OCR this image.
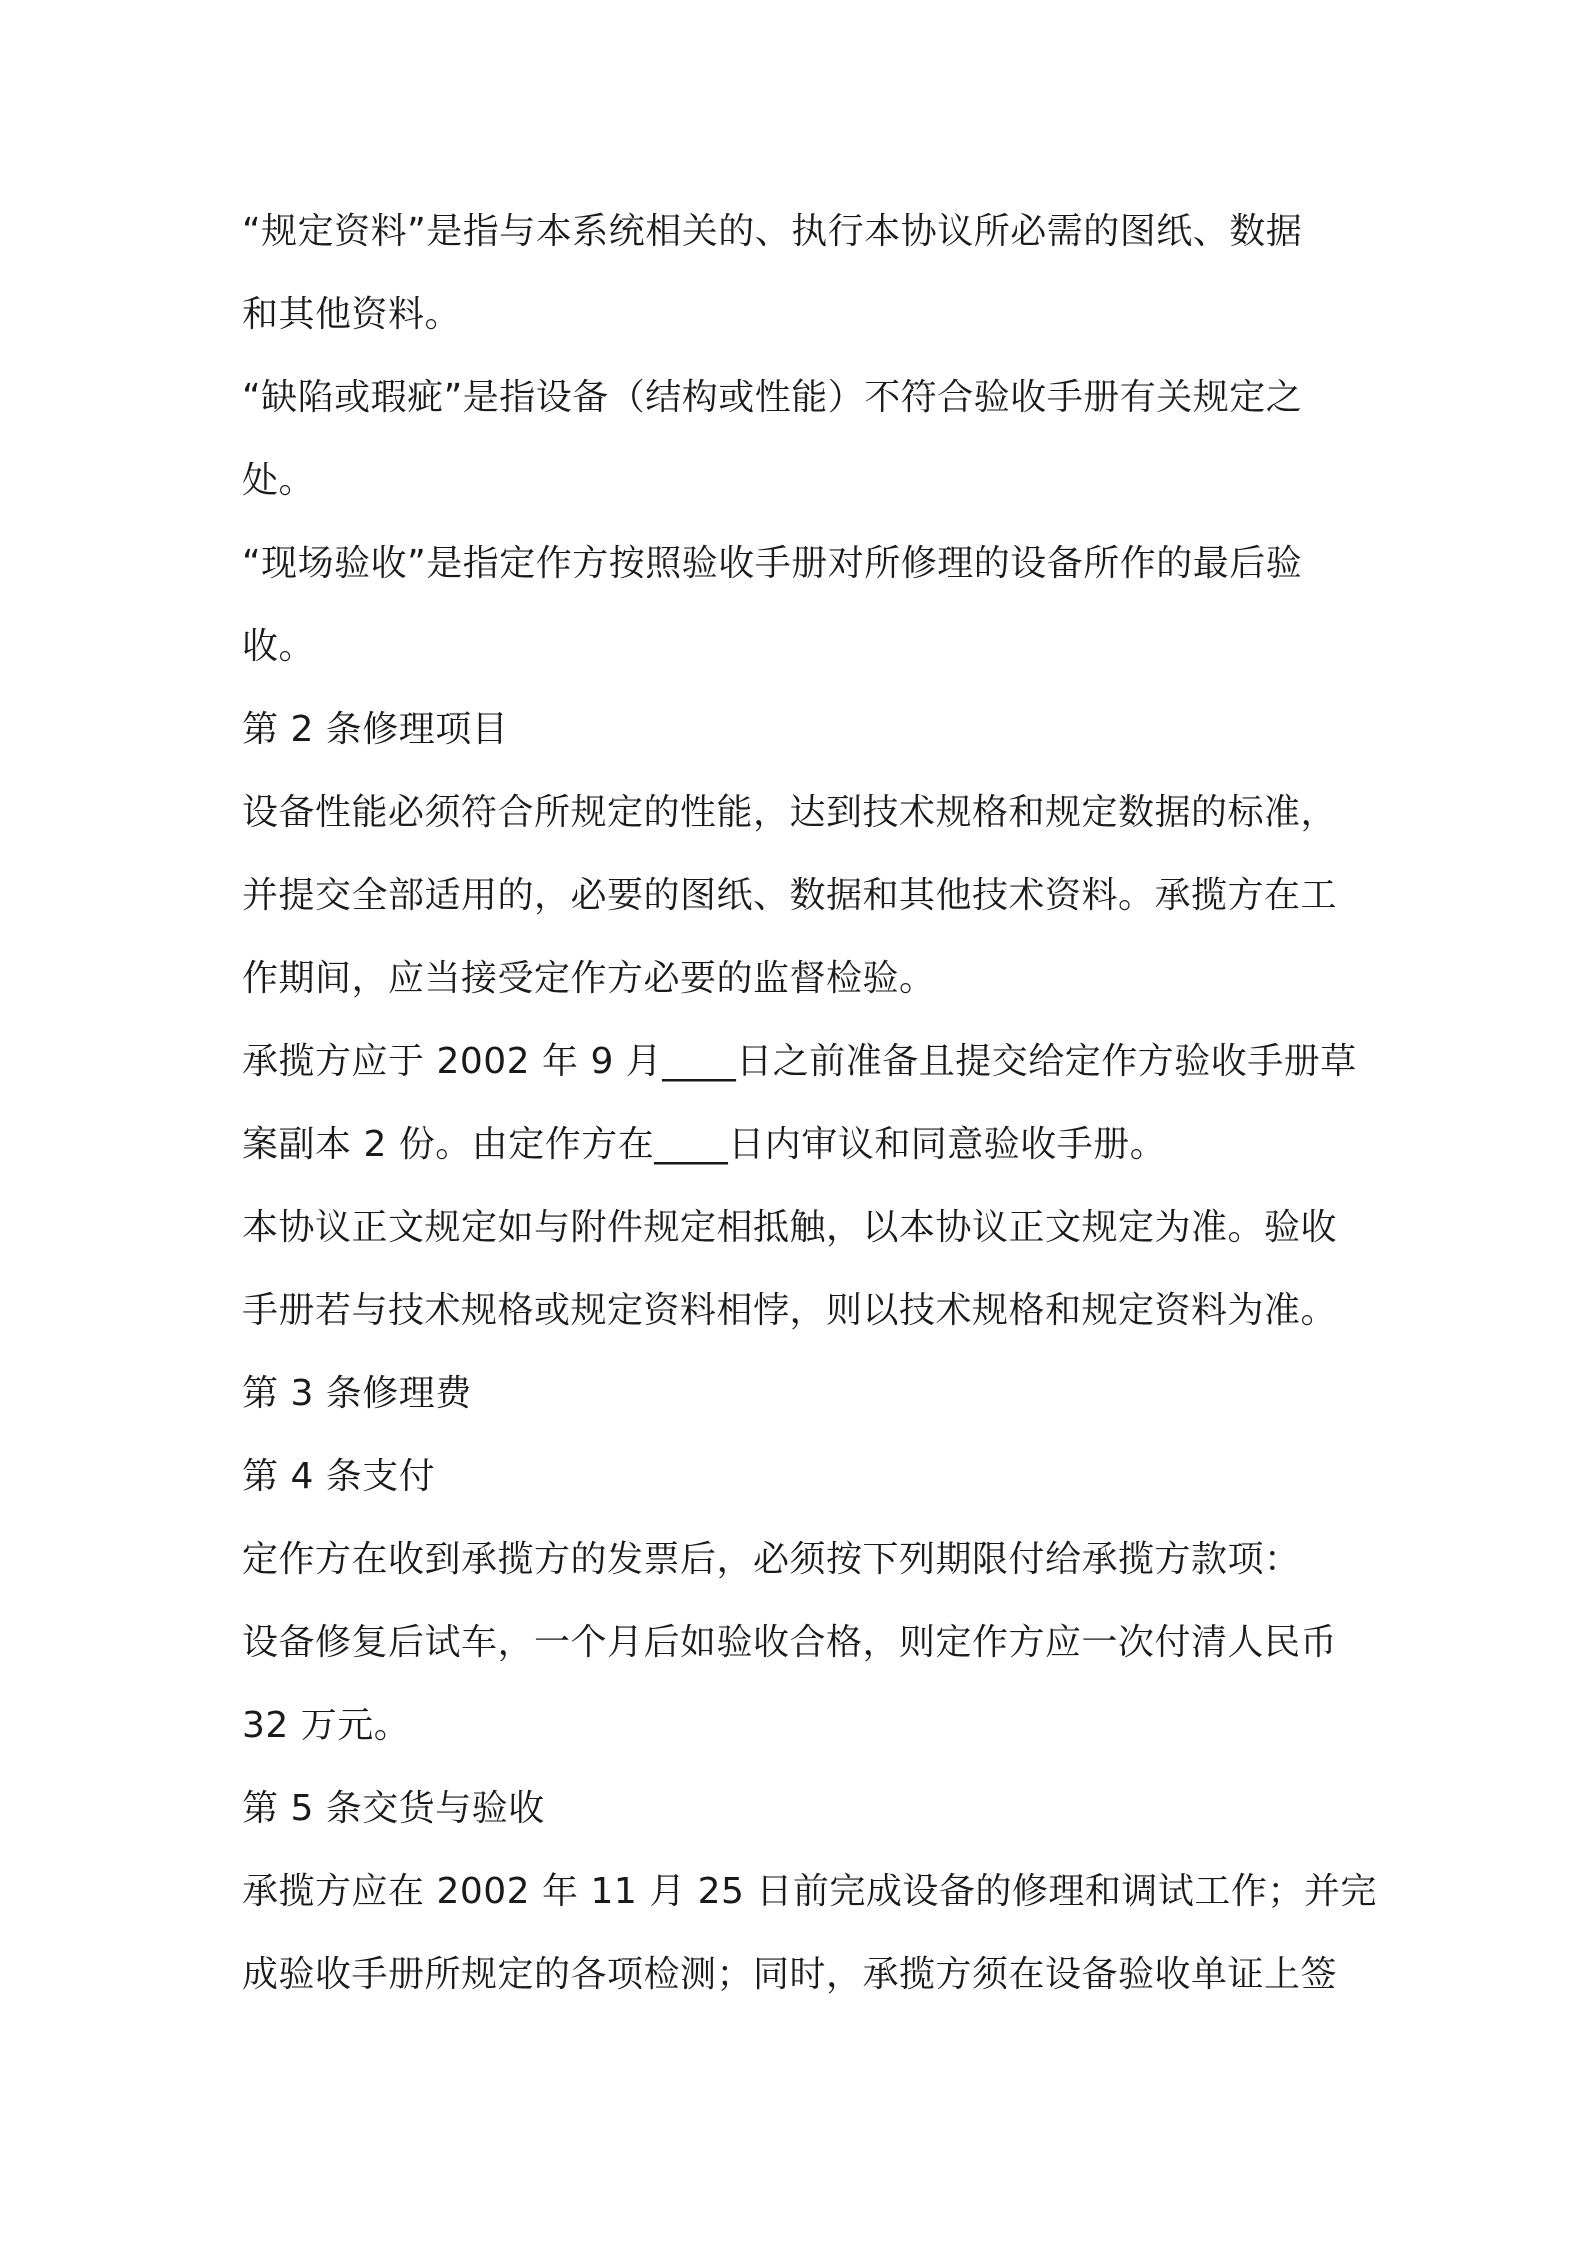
“规定资料”是指与本系统相关的、执行本协议所必需的图纸、数据
和其他资料。
“缺陷或瑕疵”是指设备（结构或性能）不符合验收手册有关规定之
处。
“现场验收”是指定作方按照验收手册对所修理的设备所作的最后验
收。
第 2 条修理项目
设备性能必须符合所规定的性能，达到技术规格和规定数据的标准，
并提交全部适用的，必要的图纸、数据和其他技术资料。承揽方在工
作期间，应当接受定作方必要的监督检验。
承揽方应于 2002 年 9 月____日之前准备且提交给定作方验收手册草
案副本 2 份。由定作方在____日内审议和同意验收手册。
本协议正文规定如与附件规定相抵触，以本协议正文规定为准。验收
手册若与技术规格或规定资料相悖，则以技术规格和规定资料为准。
第 3 条修理费
第 4 条支付
定作方在收到承揽方的发票后，必须按下列期限付给承揽方款项：
设备修复后试车，一个月后如验收合格，则定作方应一次付清人民币
32 万元。
第 5 条交货与验收
承揽方应在 2002 年 11 月 25 日前完成设备的修理和调试工作；并完
成验收手册所规定的各项检测；同时，承揽方须在设备验收单证上签
